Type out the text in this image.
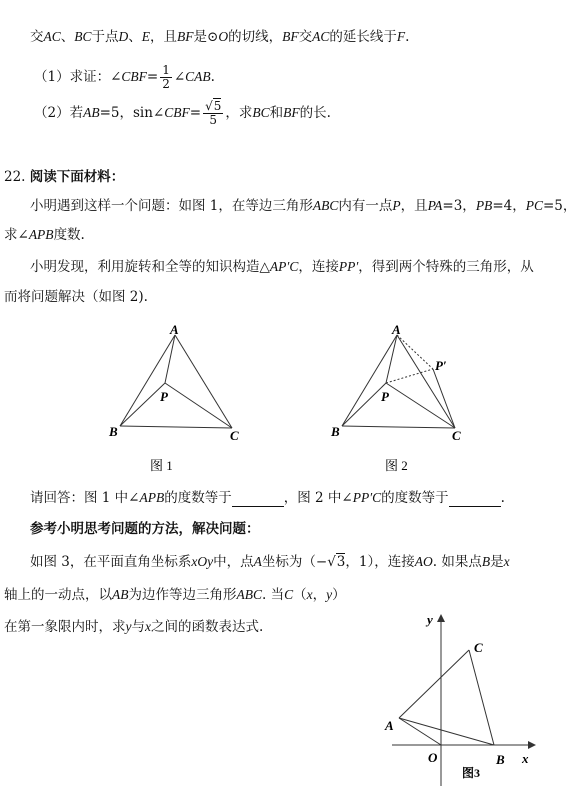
交AC、BC于点D、E，且BF是⊙O的切线，BF交AC的延长线于F.
（1）求证：∠CBF= $\frac{1}{2}$ ∠CAB.
（2）若AB=5，sin∠CBF= $\frac{√5}{5}$ ，求BC和BF的长.
22. 阅读下面材料：
小明遇到这样一个问题：如图 1，在等边三角形ABC内有一点P，且PA=3，PB=4，PC=5，
求∠APB度数.
小明发现，利用旋转和全等的知识构造△AP′C，连接PP′，得到两个特殊的三角形，从
而将问题解决（如图 2).
A
B	C
P
图 1
A
B	C
P
P′
图 2
请回答：图 1 中∠APB的度数等于	，图 2 中∠PP′C的度数等于	.
参考小明思考问题的方法，解决问题：
如图 3，在平面直角坐标系xOy中，点A坐标为（−√3，1），连接AO. 如果点B是x
轴上的一动点，以AB为边作等边三角形ABC. 当C（x，y）
在第一象限内时，求y与x之间的函数表达式.	y
x
C
A
O	B
图3
